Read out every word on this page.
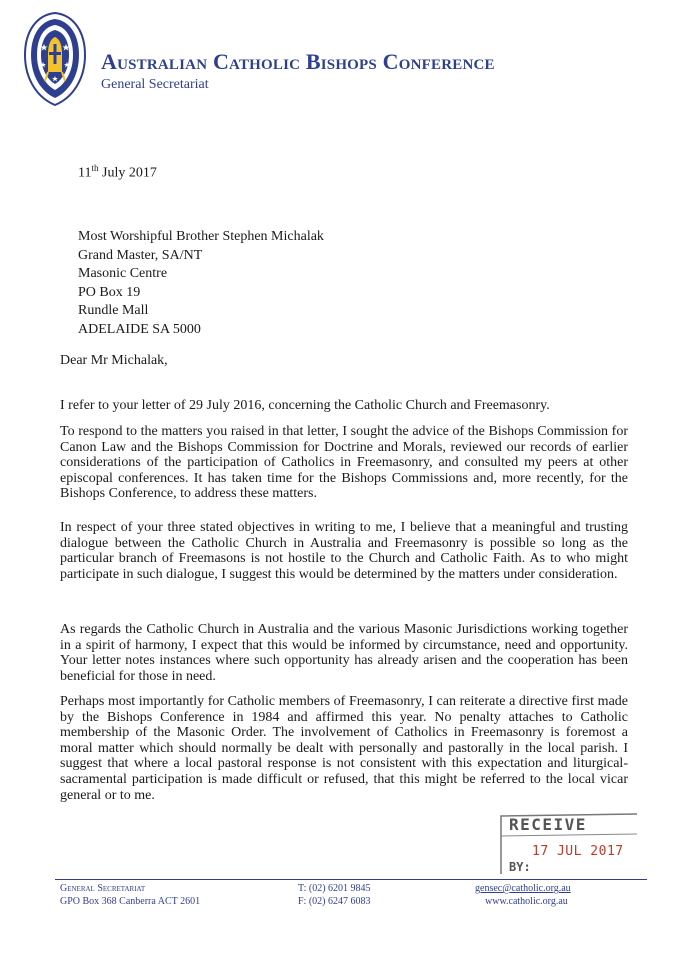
Australian Catholic Bishops Conference
General Secretariat
11th July 2017
Most Worshipful Brother Stephen Michalak
Grand Master, SA/NT
Masonic Centre
PO Box 19
Rundle Mall
ADELAIDE SA 5000
Dear Mr Michalak,
I refer to your letter of 29 July 2016, concerning the Catholic Church and Freemasonry.
To respond to the matters you raised in that letter, I sought the advice of the Bishops Commission for Canon Law and the Bishops Commission for Doctrine and Morals, reviewed our records of earlier considerations of the participation of Catholics in Freemasonry, and consulted my peers at other episcopal conferences. It has taken time for the Bishops Commissions and, more recently, for the Bishops Conference, to address these matters.
In respect of your three stated objectives in writing to me, I believe that a meaningful and trusting dialogue between the Catholic Church in Australia and Freemasonry is possible so long as the particular branch of Freemasons is not hostile to the Church and Catholic Faith. As to who might participate in such dialogue, I suggest this would be determined by the matters under consideration.
As regards the Catholic Church in Australia and the various Masonic Jurisdictions working together in a spirit of harmony, I expect that this would be informed by circumstance, need and opportunity. Your letter notes instances where such opportunity has already arisen and the cooperation has been beneficial for those in need.
Perhaps most importantly for Catholic members of Freemasonry, I can reiterate a directive first made by the Bishops Conference in 1984 and affirmed this year. No penalty attaches to Catholic membership of the Masonic Order. The involvement of Catholics in Freemasonry is foremost a moral matter which should normally be dealt with personally and pastorally in the local parish. I suggest that where a local pastoral response is not consistent with this expectation and liturgical-sacramental participation is made difficult or refused, that this might be referred to the local vicar general or to me.
RECEIVE
17 JUL 2017
BY:
General Secretariat
GPO Box 368 Canberra ACT 2601
T: (02) 6201 9845
F: (02) 6247 6083
gensec@catholic.org.au
www.catholic.org.au
